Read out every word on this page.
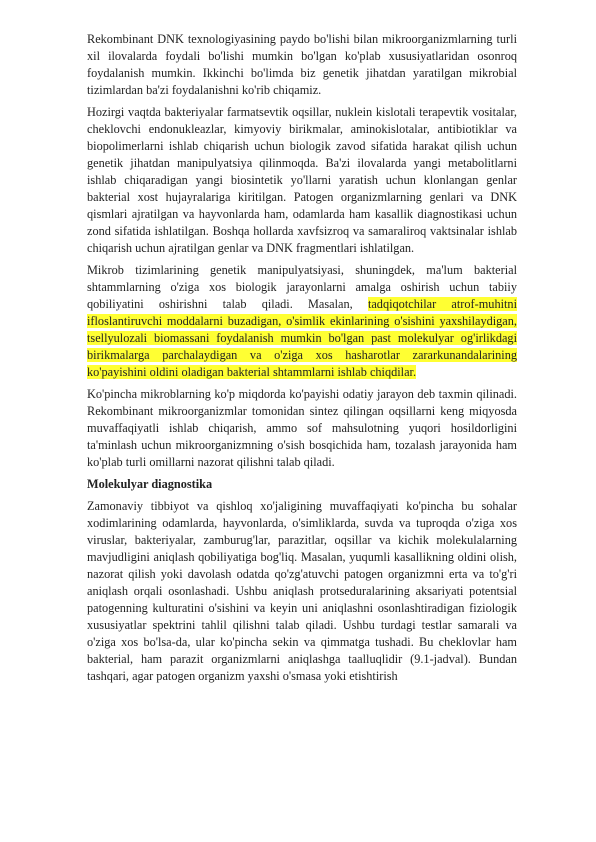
Rekombinant DNK texnologiyasining paydo bo'lishi bilan mikroorganizmlarning turli xil ilovalarda foydali bo'lishi mumkin bo'lgan ko'plab xususiyatlaridan osonroq foydalanish mumkin. Ikkinchi bo'limda biz genetik jihatdan yaratilgan mikrobial tizimlardan ba'zi foydalanishni ko'rib chiqamiz.

Hozirgi vaqtda bakteriyalar farmatsevtik oqsillar, nuklein kislotali terapevtik vositalar, cheklovchi endonukleazlar, kimyoviy birikmalar, aminokislotalar, antibiotiklar va biopolimerlarni ishlab chiqarish uchun biologik zavod sifatida harakat qilish uchun genetik jihatdan manipulyatsiya qilinmoqda. Ba'zi ilovalarda yangi metabolitlarni ishlab chiqaradigan yangi biosintetik yo'llarni yaratish uchun klonlangan genlar bakterial xost hujayralariga kiritilgan. Patogen organizmlarning genlari va DNK qismlari ajratilgan va hayvonlarda ham, odamlarda ham kasallik diagnostikasi uchun zond sifatida ishlatilgan. Boshqa hollarda xavfsizroq va samaraliroq vaktsinalar ishlab chiqarish uchun ajratilgan genlar va DNK fragmentlari ishlatilgan.

Mikrob tizimlarining genetik manipulyatsiyasi, shuningdek, ma'lum bakterial shtammlarning o'ziga xos biologik jarayonlarni amalga oshirish uchun tabiiy qobiliyatini oshirishni talab qiladi. Masalan, tadqiqotchilar atrof-muhitni ifloslantiruvchi moddalarni buzadigan, o'simlik ekinlarining o'sishini yaxshilaydigan, tsellyulozali biomassani foydalanish mumkin bo'lgan past molekulyar og'irlikdagi birikmalarga parchalaydigan va o'ziga xos hasharotlar zararkunandalarining ko'payishini oldini oladigan bakterial shtammlarni ishlab chiqdilar.

Ko'pincha mikroblarning ko'p miqdorda ko'payishi odatiy jarayon deb taxmin qilinadi. Rekombinant mikroorganizmlar tomonidan sintez qilingan oqsillarni keng miqyosda muvaffaqiyatli ishlab chiqarish, ammo sof mahsulotning yuqori hosildorligini ta'minlash uchun mikroorganizmning o'sish bosqichida ham, tozalash jarayonida ham ko'plab turli omillarni nazorat qilishni talab qiladi.

Molekulyar diagnostika

Zamonaviy tibbiyot va qishloq xo'jaligining muvaffaqiyati ko'pincha bu sohalar xodimlarining odamlarda, hayvonlarda, o'simliklarda, suvda va tuproqda o'ziga xos viruslar, bakteriyalar, zamburug'lar, parazitlar, oqsillar va kichik molekulalarning mavjudligini aniqlash qobiliyatiga bog'liq. Masalan, yuqumli kasallikning oldini olish, nazorat qilish yoki davolash odatda qo'zg'atuvchi patogen organizmni erta va to'g'ri aniqlash orqali osonlashadi. Ushbu aniqlash protseduralarining aksariyati potentsial patogenning kulturatini o'sishini va keyin uni aniqlashni osonlashtiradigan fiziologik xususiyatlar spektrini tahlil qilishni talab qiladi. Ushbu turdagi testlar samarali va o'ziga xos bo'lsa-da, ular ko'pincha sekin va qimmatga tushadi. Bu cheklovlar ham bakterial, ham parazit organizmlarni aniqlashga taalluqlidir (9.1-jadval). Bundan tashqari, agar patogen organizm yaxshi o'smasa yoki etishtirish
